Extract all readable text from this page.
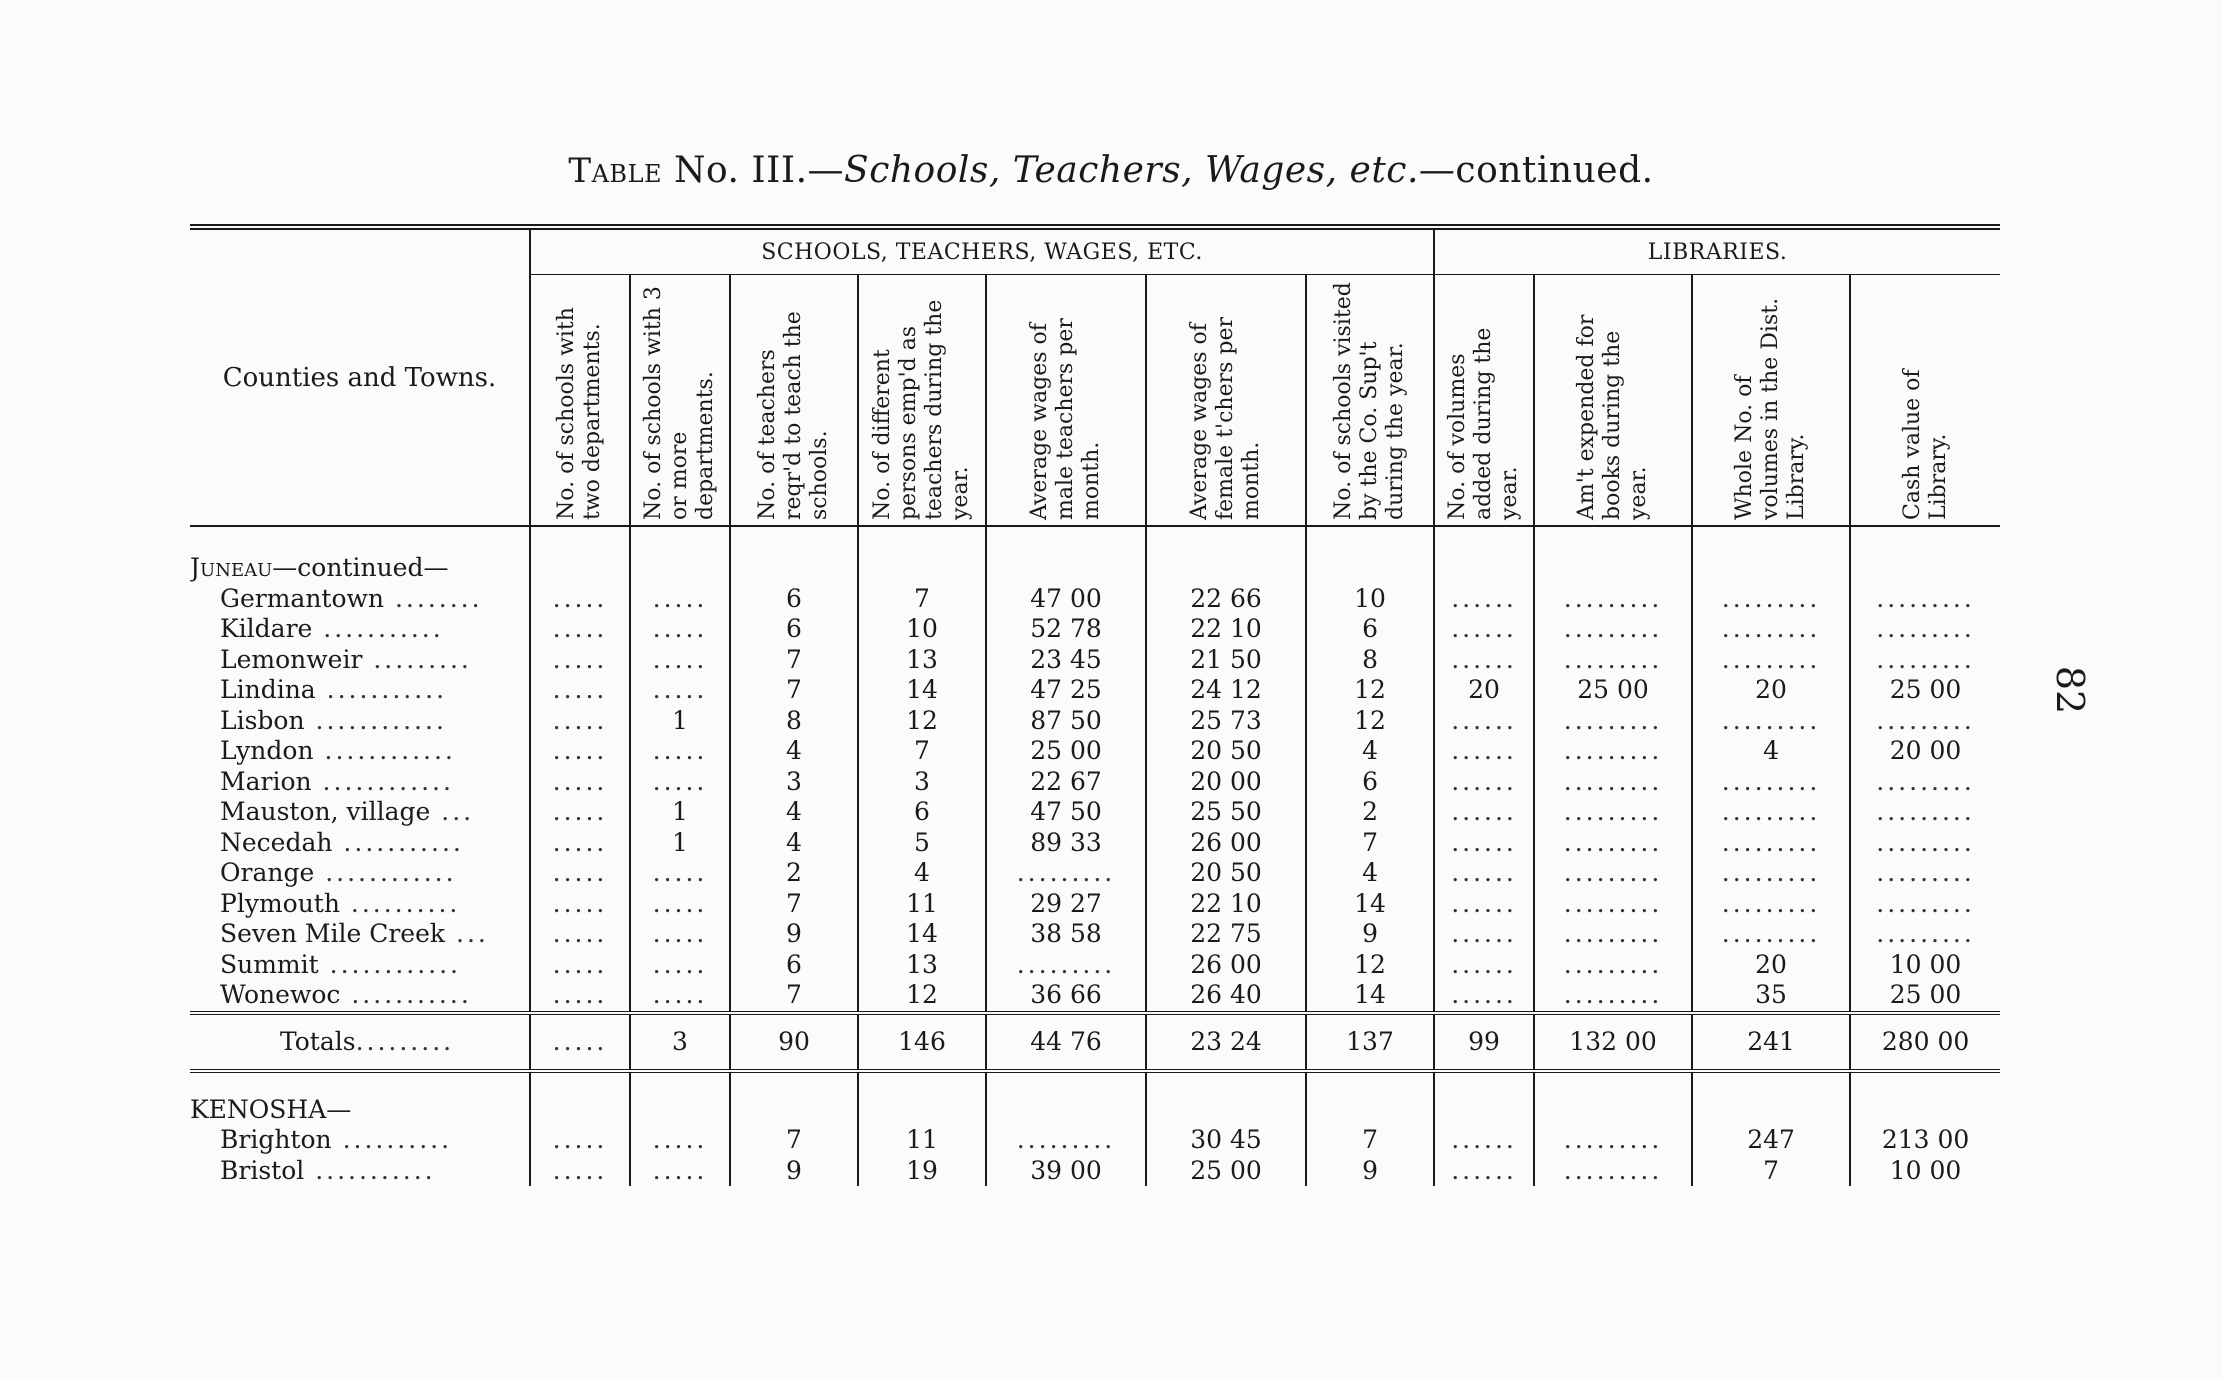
Table No. III.—Schools, Teachers, Wages, etc.—continued.
82
Counties and Towns.	SCHOOLS, TEACHERS, WAGES, ETC.							LIBRARIES.			

	No. of schools with two departments.	No. of schools with 3 or more departments.	No. of teachers reqr'd to teach the schools.	No. of different persons emp'd as teachers during the year.	Average wages of male teachers per month.	Average wages of female t'chers per month.	No. of schools visited by the Co. Sup't during the year.	No. of volumes added during the year.	Am't expended for books during the year.	Whole No. of volumes in the Dist. Library.	Cash value of Library.

Juneau—continued—											
Germantown ........	.....	.....	6	7	47 00	22 66	10	......	.........	.........	.........
Kildare ...........	.....	.....	6	10	52 78	22 10	6	......	.........	.........	.........
Lemonweir .........	.....	.....	7	13	23 45	21 50	8	......	.........	.........	.........
Lindina ...........	.....	.....	7	14	47 25	24 12	12	20	25 00	20	25 00
Lisbon ............	.....	1	8	12	87 50	25 73	12	......	.........	.........	.........
Lyndon ............	.....	.....	4	7	25 00	20 50	4	......	.........	4	20 00
Marion ............	.....	.....	3	3	22 67	20 00	6	......	.........	.........	.........
Mauston, village ...	.....	1	4	6	47 50	25 50	2	......	.........	.........	.........
Necedah ...........	.....	1	4	5	89 33	26 00	7	......	.........	.........	.........
Orange ............	.....	.....	2	4	.........	20 50	4	......	.........	.........	.........
Plymouth ..........	.....	.....	7	11	29 27	22 10	14	......	.........	.........	.........
Seven Mile Creek ...	.....	.....	9	14	38 58	22 75	9	......	.........	.........	.........
Summit ............	.....	.....	6	13	.........	26 00	12	......	.........	20	10 00
Wonewoc ...........	.....	.....	7	12	36 66	26 40	14	......	.........	35	25 00
Totals.........	.....	3	90	146	44 76	23 24	137	99	132 00	241	280 00

KENOSHA—											
Brighton ..........	.....	.....	7	11	.........	30 45	7	......	.........	247	213 00
Bristol ...........	.....	.....	9	19	39 00	25 00	9	......	.........	7	10 00
